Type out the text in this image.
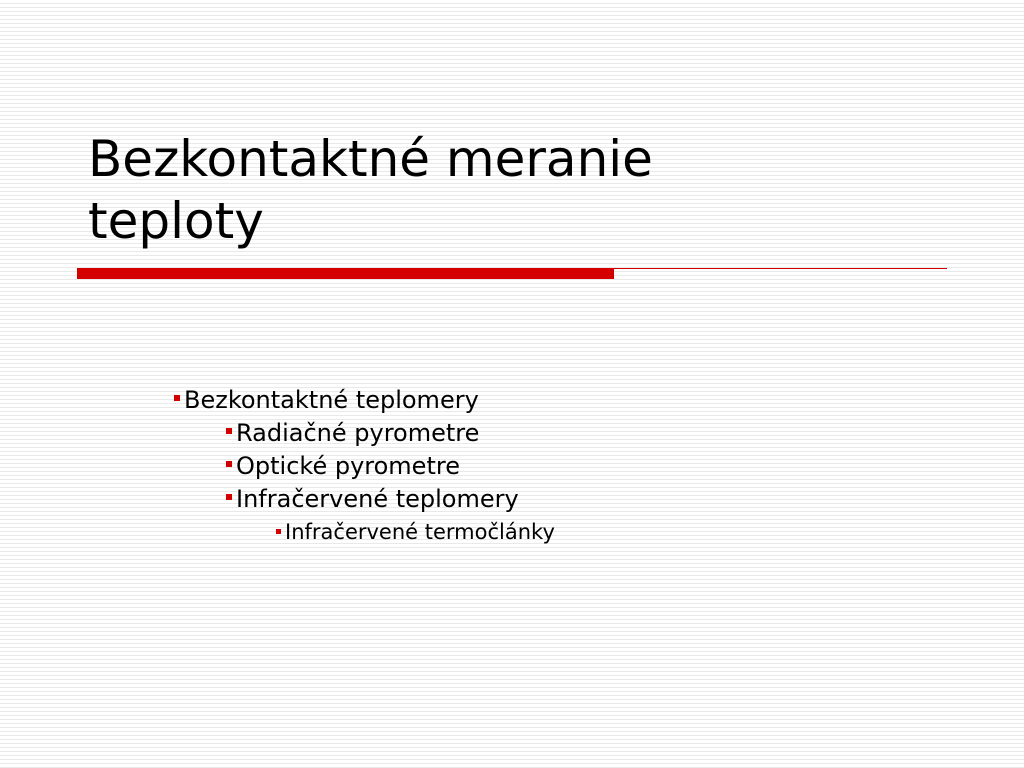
Bezkontaktné meranie
teploty
Bezkontaktné teplomery
Radiačné pyrometre
Optické pyrometre
Infračervené teplomery
Infračervené termočlánky
